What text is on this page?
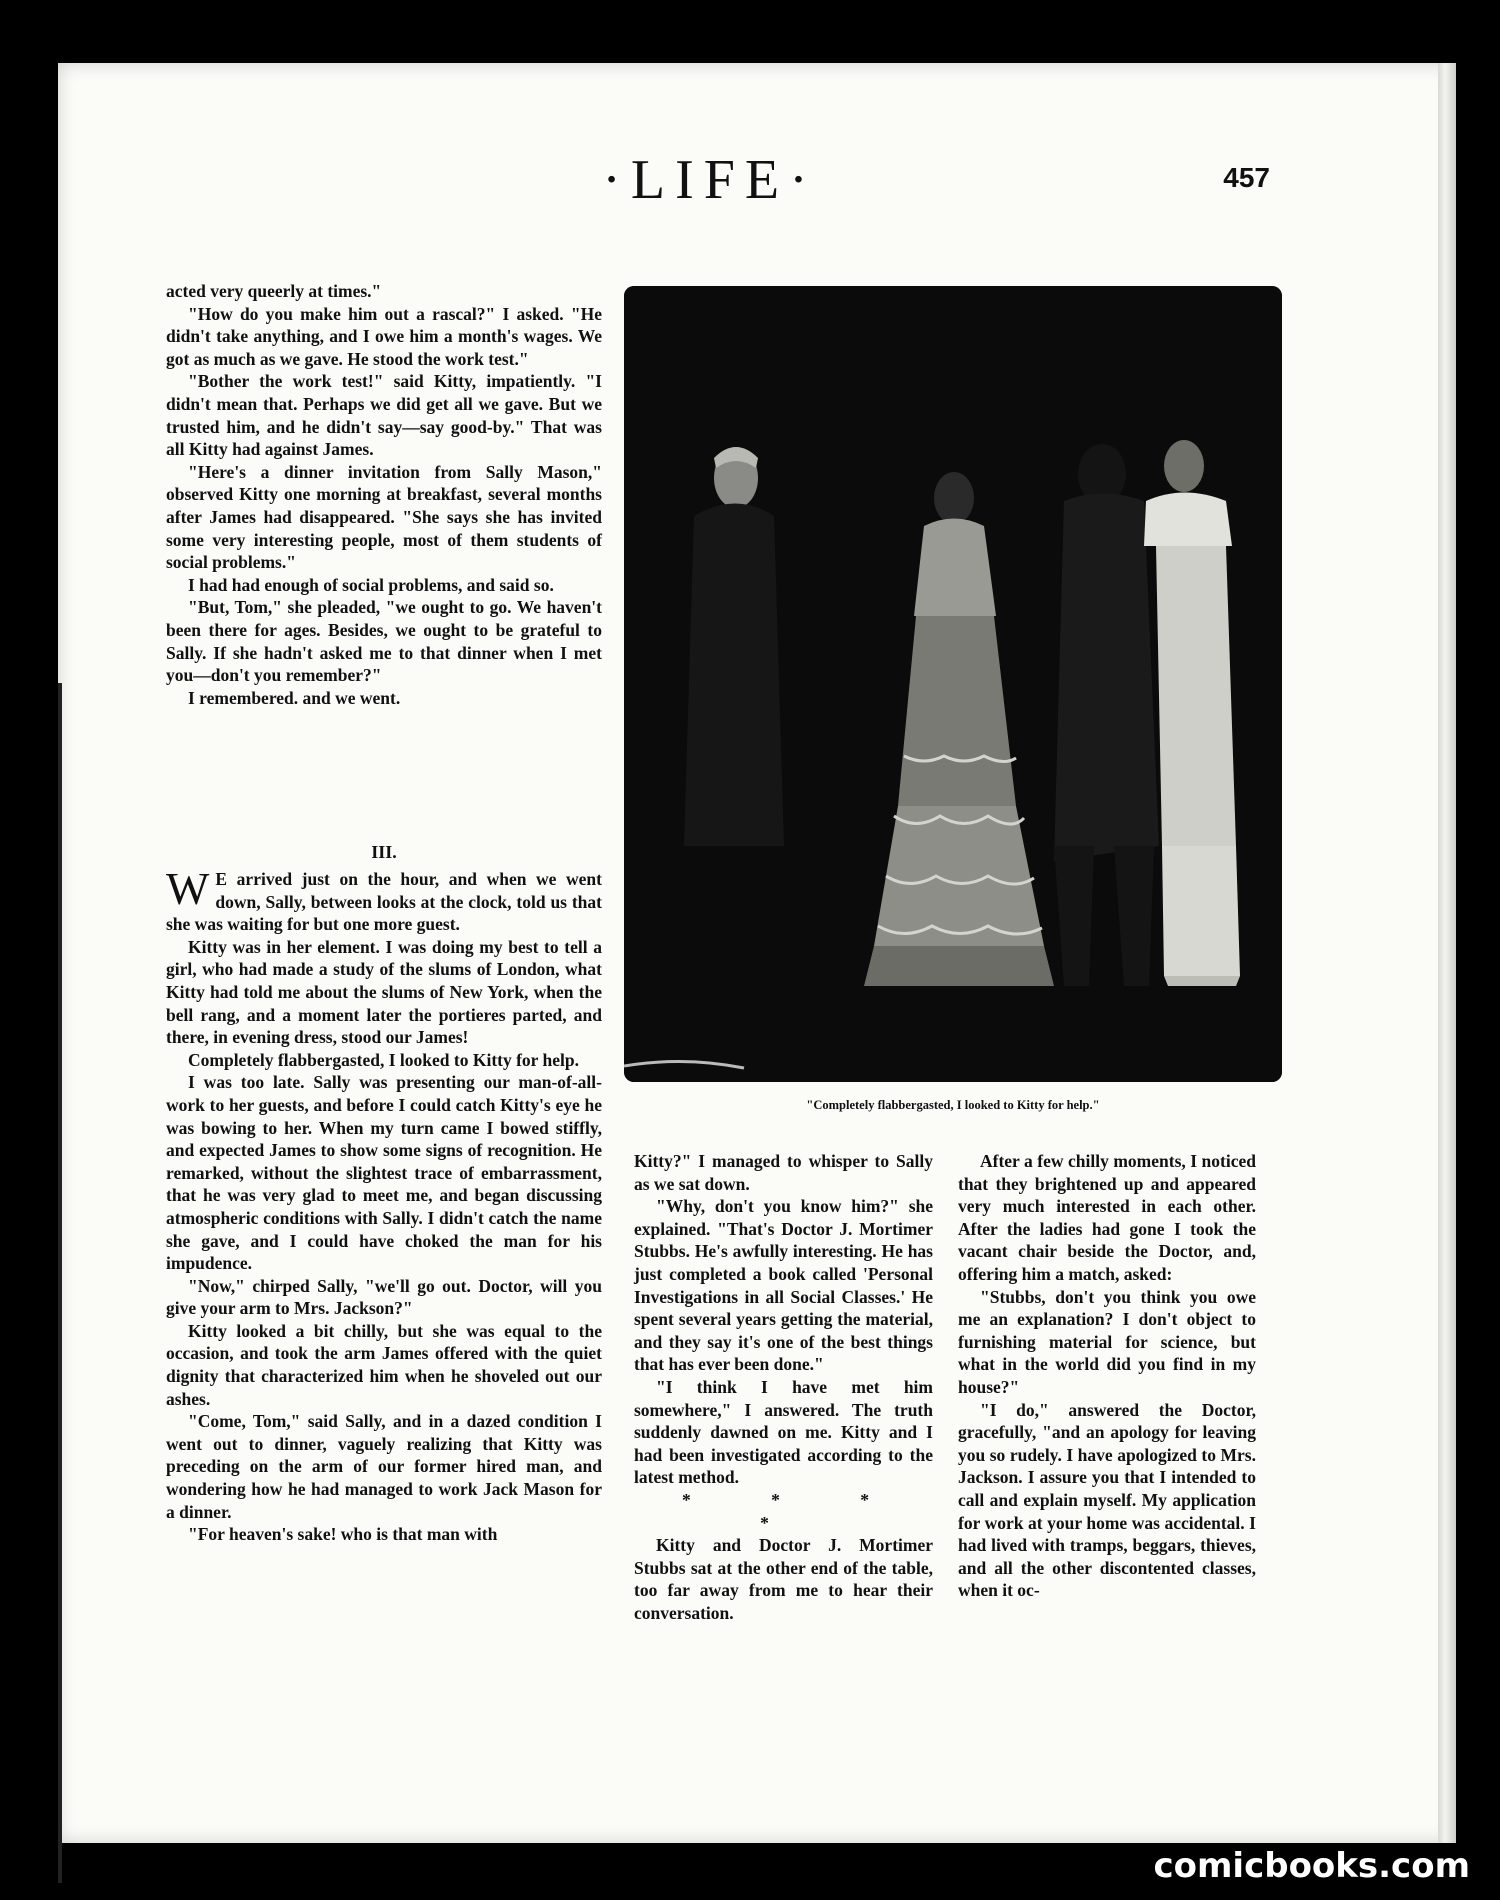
·LIFE·	457

acted very queerly at times."

"How do you make him out a rascal?" I asked. "He didn't take anything, and I owe him a month's wages. We got as much as we gave. He stood the work test."

"Bother the work test!" said Kitty, impatiently. "I didn't mean that. Perhaps we did get all we gave. But we trusted him, and he didn't say—say good-by." That was all Kitty had against James.

"Here's a dinner invitation from Sally Mason," observed Kitty one morning at breakfast, several months after James had disappeared. "She says she has invited some very interesting people, most of them students of social problems."

I had had enough of social problems, and said so.

"But, Tom," she pleaded, "we ought to go. We haven't been there for ages. Besides, we ought to be grateful to Sally. If she hadn't asked me to that dinner when I met you—don't you remember?"

I remembered. and we went.

III.

W E arrived just on the hour, and when we went down, Sally, between looks at the clock, told us that she was waiting for but one more guest.

Kitty was in her element. I was doing my best to tell a girl, who had made a study of the slums of London, what Kitty had told me about the slums of New York, when the bell rang, and a moment later the portieres parted, and there, in evening dress, stood our James!

Completely flabbergasted, I looked to Kitty for help.

I was too late. Sally was presenting our man-of-all-work to her guests, and before I could catch Kitty's eye he was bowing to her. When my turn came I bowed stiffly, and expected James to show some signs of recognition. He remarked, without the slightest trace of embarrassment, that he was very glad to meet me, and began discussing atmospheric conditions with Sally. I didn't catch the name she gave, and I could have choked the man for his impudence.

"Now," chirped Sally, "we'll go out. Doctor, will you give your arm to Mrs. Jackson?"

Kitty looked a bit chilly, but she was equal to the occasion, and took the arm James offered with the quiet dignity that characterized him when he shoveled out our ashes.

"Come, Tom," said Sally, and in a dazed condition I went out to dinner, vaguely realizing that Kitty was preceding on the arm of our former hired man, and wondering how he had managed to work Jack Mason for a dinner.

"For heaven's sake! who is that man with

"Completely flabbergasted, I looked to Kitty for help."

Kitty?" I managed to whisper to Sally as we sat down.

"Why, don't you know him?" she explained. "That's Doctor J. Mortimer Stubbs. He's awfully interesting. He has just completed a book called 'Personal Investigations in all Social Classes.' He spent several years getting the material, and they say it's one of the best things that has ever been done."

"I think I have met him somewhere," I answered. The truth suddenly dawned on me. Kitty and I had been investigated according to the latest method.

* * * *

Kitty and Doctor J. Mortimer Stubbs sat at the other end of the table, too far away from me to hear their conversation.

After a few chilly moments, I noticed that they brightened up and appeared very much interested in each other. After the ladies had gone I took the vacant chair beside the Doctor, and, offering him a match, asked:

"Stubbs, don't you think you owe me an explanation? I don't object to furnishing material for science, but what in the world did you find in my house?"

"I do," answered the Doctor, gracefully, "and an apology for leaving you so rudely. I have apologized to Mrs. Jackson. I assure you that I intended to call and explain myself. My application for work at your home was accidental. I had lived with tramps, beggars, thieves, and all the other discontented classes, when it oc-

comicbooks.com
